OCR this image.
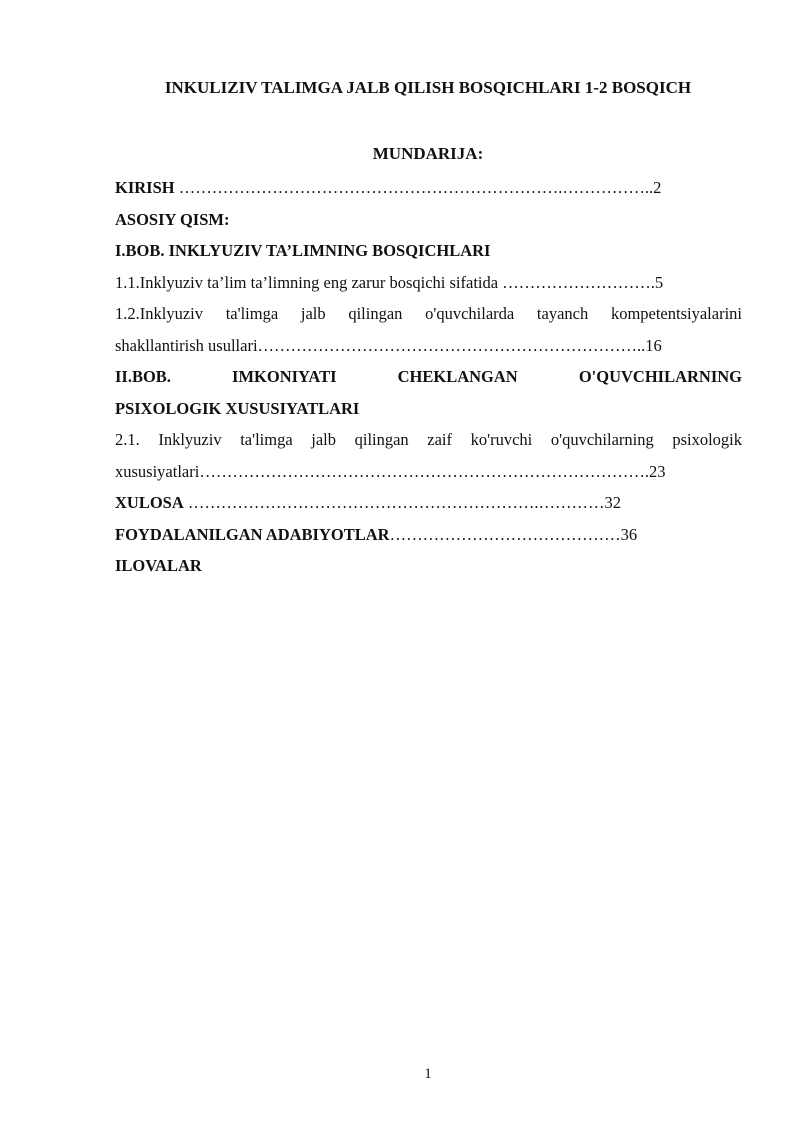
INKULIZIV TALIMGA JALB QILISH BOSQICHLARI 1-2 BOSQICH
MUNDARIJA:
KIRISH …………………………………………………………….……………..2
ASOSIY QISM:
I.BOB. INKLYUZIV TA’LIMNING BOSQICHLARI
1.1.Inklyuziv ta’lim ta’limning eng zarur bosqichi sifatida ……………………….5
1.2.Inklyuziv ta'limga jalb qilingan o'quvchilarda tayanch kompetentsiyalarini
shakllantirish usullari……………………………………………………………..16
II.BOB. IMKONIYATI CHEKLANGAN O'QUVCHILARNING
PSIXOLOGIK XUSUSIYATLARI
2.1. Inklyuziv ta'limga jalb qilingan zaif ko'ruvchi o'quvchilarning psixologik
xususiyatlari……………………………………………………………………….23
XULOSA ……………………………………………………….…………32
FOYDALANILGAN ADABIYOTLAR……………………………………36
ILOVALAR
1
